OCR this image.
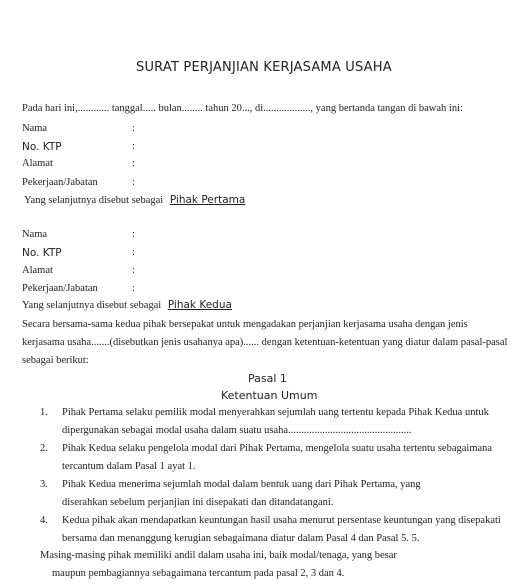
SURAT PERJANJIAN KERJASAMA USAHA
Pada hari ini,............ tanggal..... bulan........ tahun 20..., di.................., yang bertanda tangan di bawah ini:
Nama
No. KTP
Alamat
Pekerjaan/Jabatan
:
:
:
:
Yang selanjutnya disebut sebagai Pihak Pertama
Nama
No. KTP
Alamat
Pekerjaan/Jabatan
:
:
:
:
Yang selanjutnya disebut sebagai Pihak Kedua
Secara bersama-sama kedua pihak bersepakat untuk mengadakan perjanjian kerjasama usaha dengan jenis
kerjasama usaha.......(disebutkan jenis usahanya apa)...... dengan ketentuan-ketentuan yang diatur dalam pasal-pasal
sebagai berikut:
Pasal 1
Ketentuan Umum
1. Pihak Pertama selaku pemilik modal menyerahkan sejumlah uang tertentu kepada Pihak Kedua untuk
dipergunakan sebagai modal usaha dalam suatu usaha...............................................
2. Pihak Kedua selaku pengelola modal dari Pihak Pertama, mengelola suatu usaha tertentu sebagaimana
tercantum dalam Pasal 1 ayat 1.
3. Pihak Kedua menerima sejumlah modal dalam bentuk uang dari Pihak Pertama, yang
diserahkan sebelum perjanjian ini disepakati dan ditandatangani.
4. Kedua pihak akan mendapatkan keuntungan hasil usaha menurut persentase keuntungan yang disepakati
bersama dan menanggung kerugian sebagaimana diatur dalam Pasal 4 dan Pasal 5. 5.
Masing-masing pihak memiliki andil dalam usaha ini, baik modal/tenaga, yang besar
maupun pembagiannya sebagaimana tercantum pada pasal 2, 3 dan 4.
